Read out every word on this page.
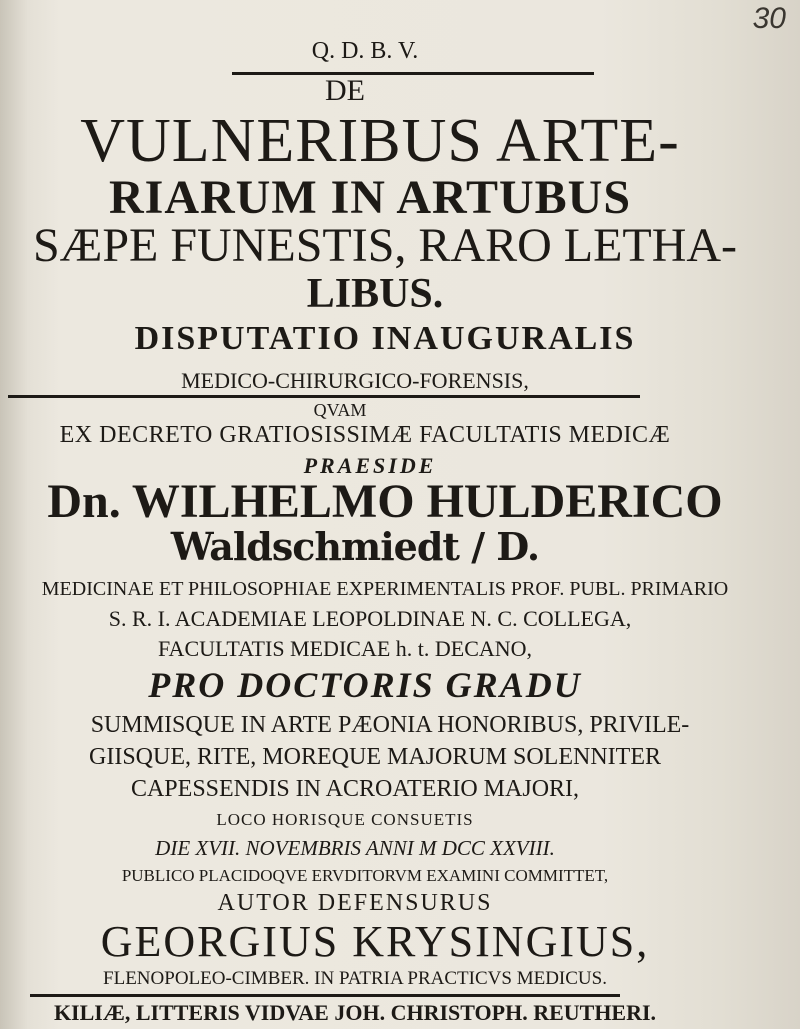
30
Q. D. B. V.
DE
VULNERIBUS ARTE-
RIARUM IN ARTUBUS
SÆPE FUNESTIS, RARO LETHA-
LIBUS.
DISPUTATIO INAUGURALIS
MEDICO-CHIRURGICO-FORENSIS,
QVAM
EX DECRETO GRATIOSISSIMÆ FACULTATIS MEDICÆ
PRAESIDE
Dn. WILHELMO HULDERICO
Waldschmiedt / D.
MEDICINAE ET PHILOSOPHIAE EXPERIMENTALIS PROF. PUBL. PRIMARIO
S. R. I. ACADEMIAE LEOPOLDINAE N. C. COLLEGA,
FACULTATIS MEDICAE h. t. DECANO,
PRO DOCTORIS GRADU
SUMMISQUE IN ARTE PÆONIA HONORIBUS, PRIVILE-
GIISQUE, RITE, MOREQUE MAJORUM SOLENNITER
CAPESSENDIS IN ACROATERIO MAJORI,
LOCO HORISQUE CONSUETIS
DIE XVII. NOVEMBRIS ANNI M DCC XXVIII.
PUBLICO PLACIDOQVE ERVDITORVM EXAMINI COMMITTET,
AUTOR DEFENSURUS
GEORGIUS KRYSINGIUS,
FLENOPOLEO-CIMBER. IN PATRIA PRACTICVS MEDICUS.
KILIÆ, LITTERIS VIDVAE JOH. CHRISTOPH. REUTHERI.
